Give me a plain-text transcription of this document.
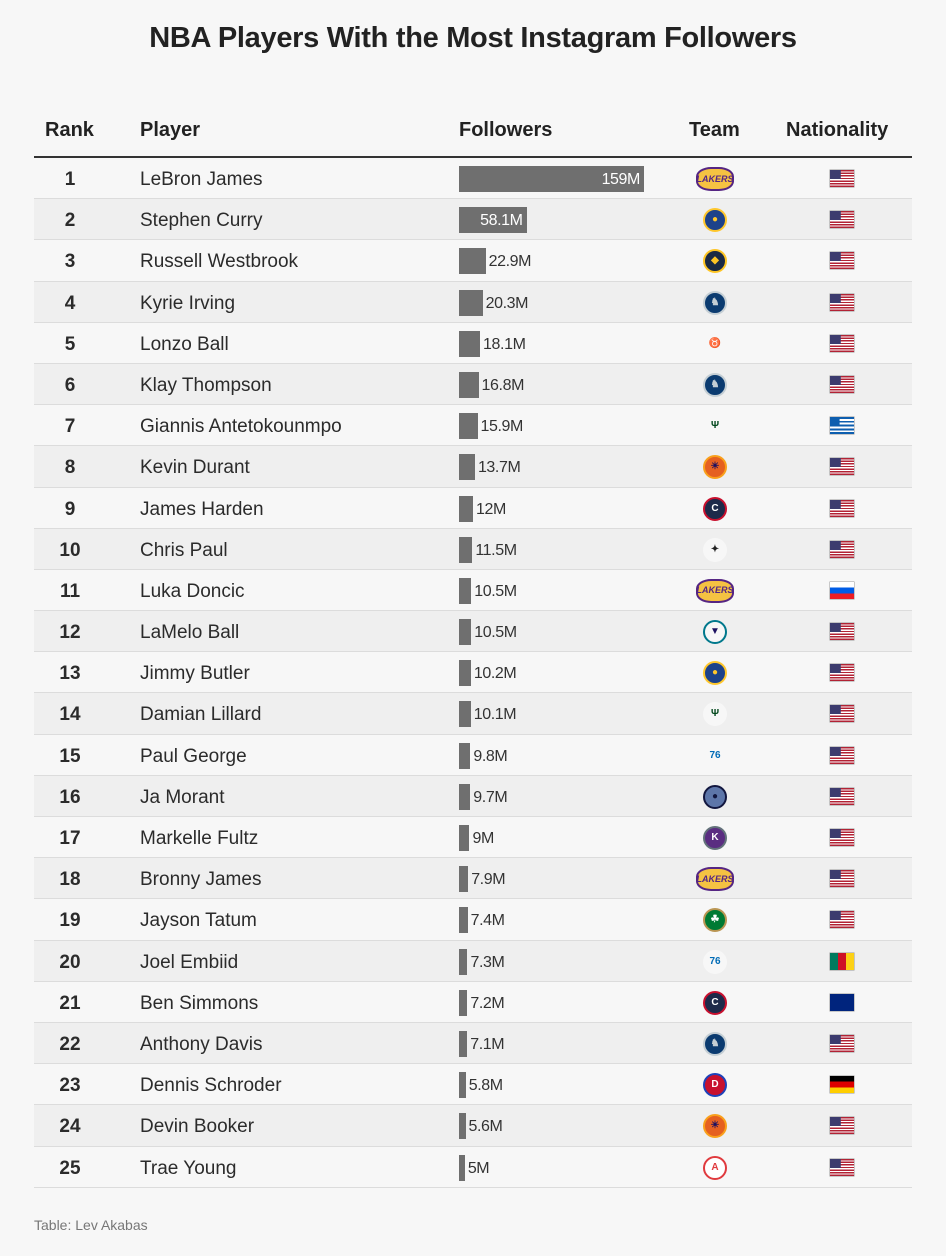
NBA Players With the Most Instagram Followers
Rank Player	Followers	Team Nationality
1	LeBron James	159M	LAKERS
2	Stephen Curry	58.1M	●
3	Russell Westbrook	22.9M	◆
4	Kyrie Irving	20.3M	♞
5	Lonzo Ball	18.1M	♉
6	Klay Thompson	16.8M	♞
7	Giannis Antetokounmpo	15.9M	Ψ
8	Kevin Durant	13.7M	☀
9	James Harden	12M	C
10	Chris Paul	11.5M	✦
11	Luka Doncic	10.5M	LAKERS
12	LaMelo Ball	10.5M	▼
13	Jimmy Butler	10.2M	●
14	Damian Lillard	10.1M	Ψ
15	Paul George	9.8M	76
16	Ja Morant	9.7M	●
17	Markelle Fultz	9M	K
18	Bronny James	7.9M	LAKERS
19	Jayson Tatum	7.4M	☘
20	Joel Embiid	7.3M	76
21	Ben Simmons	7.2M	C
22	Anthony Davis	7.1M	♞
23	Dennis Schroder	5.8M	D
24	Devin Booker	5.6M	☀
25	Trae Young	5M	A
Table: Lev Akabas
